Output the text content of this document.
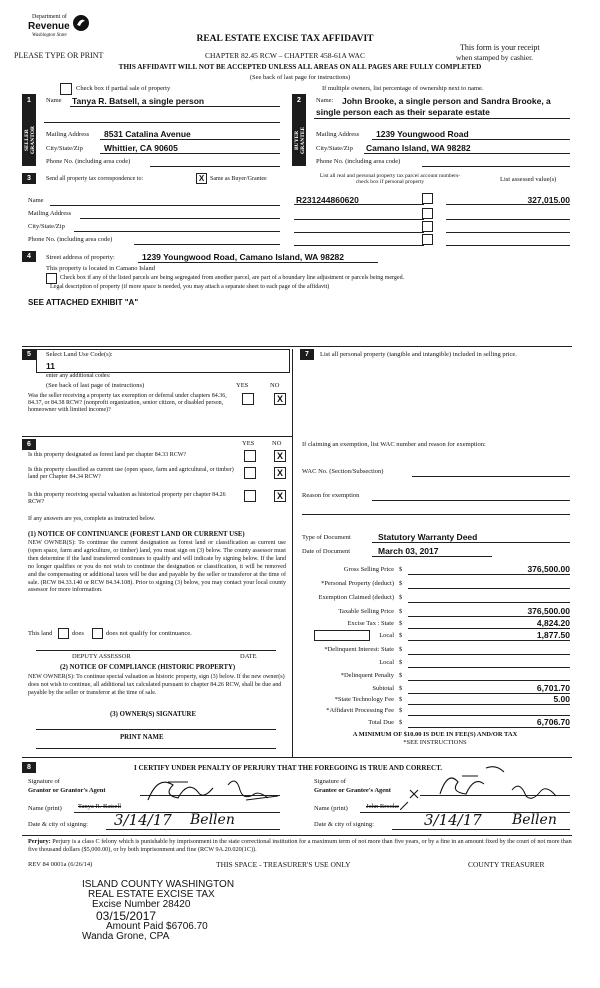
Department of
Revenue
Washington State
PLEASE TYPE OR PRINT
REAL ESTATE EXCISE TAX AFFIDAVIT
CHAPTER 82.45 RCW – CHAPTER 458-61A WAC
This form is your receipt
when stamped by cashier.
THIS AFFIDAVIT WILL NOT BE ACCEPTED UNLESS ALL AREAS ON ALL PAGES ARE FULLY COMPLETED
(See back of last page for instructions)
Check box if partial sale of property	If multiple owners, list percentage of ownership next to name.
1
SELLER GRANTOR
Name Tanya R. Batsell, a single person
Mailing Address 8531 Catalina Avenue
City/State/Zip Whittier, CA 90605
Phone No. (including area code)
2
BUYER GRANTEE
Name: John Brooke, a single person and Sandra Brooke, a
single person each as their separate estate
Mailing Address 1239 Youngwood Road
City/State/Zip Camano Island, WA 98282
Phone No. (including area code)
3	Send all property tax correspondence to:	X Same as Buyer/Grantee
Name
Mailing Address
City/State/Zip
Phone No. (including area code)
List all real and personal property tax parcel account numbers-check box if personal property	List assessed value(s)
R231244860620	327,015.00
4	Street address of property:	1239 Youngwood Road, Camano Island, WA 98282
This property is located in Camano Island
Check box if any of the listed parcels are being segregated from another parcel, are part of a boundary line adjustment or parcels being merged.
Legal description of property (if more space is needed, you may attach a separate sheet to each page of the affidavit)
SEE ATTACHED EXHIBIT "A"
5	Select Land Use Code(s):
11
enter any additional codes:
(See back of last page of instructions)	YES	NO
Was the seller receiving a property tax exemption or deferral under chapters 84.36, 84.37, or 84.38 RCW? (nonprofit organization, senior citizen, or disabled person, homeowner with limited income)?
X
6	YES	NO
Is this property designated as forest land per chapter 84.33 RCW?	X
Is this property classified as current use (open space, farm and agricultural, or timber) land per Chapter 84.34 RCW?	X
Is this property receiving special valuation as historical property per chapter 84.26 RCW?
X
If any answers are yes, complete as instructed below.
(1) NOTICE OF CONTINUANCE (FOREST LAND OR CURRENT USE)
NEW OWNER(S): To continue the current designation as forest land or classification as current use (open space, farm and agriculture, or timber) land, you must sign on (3) below. The county assessor must then determine if the land transferred continues to qualify and will indicate by signing below. If the land no longer qualifies or you do not wish to continue the designation or classification, it will be removed and the compensating or additional taxes will be due and payable by the seller or transferor at the time of sale. (RCW 84.33.140 or RCW 84.34.108). Prior to signing (3) below, you may contact your local county assessor for more information.
This land	does	does not qualify for continuance.
DEPUTY ASSESSOR	DATE
(2) NOTICE OF COMPLIANCE (HISTORIC PROPERTY)
NEW OWNER(S): To continue special valuation as historic property, sign (3) below. If the new owner(s) does not wish to continue, all additional tax calculated pursuant to chapter 84.26 RCW, shall be due and payable by the seller or transferor at the time of sale.
(3) OWNER(S) SIGNATURE
PRINT NAME
7	List all personal property (tangible and intangible) included in selling price.
If claiming an exemption, list WAC number and reason for exemption:
WAC No. (Section/Subsection)
Reason for exemption
Type of Document	Statutory Warranty Deed
Date of Document	March 03, 2017
Gross Selling Price $	376,500.00
*Personal Property (deduct) $
Exemption Claimed (deduct) $
Taxable Selling Price $	376,500.00
Excise Tax : State $	4,824.20
Local $	1,877.50
*Delinquent Interest: State $
Local $
*Delinquent Penalty $
Subtotal $	6,701.70
*State Technology Fee $	5.00
*Affidavit Processing Fee $
Total Due $	6,706.70
A MINIMUM OF $10.00 IS DUE IN FEE(S) AND/OR TAX
*SEE INSTRUCTIONS
8	I CERTIFY UNDER PENALTY OF PERJURY THAT THE FOREGOING IS TRUE AND CORRECT.
Signature of
Grantor or Grantor's Agent
Name (print) Tanya R. Batsell
Date & city of signing: 3/14/17 Bellen
Signature of
Grantee or Grantee's Agent
Name (print)	John Brooke
Date & city of signing:	3/14/17 Bellen
Perjury: Perjury is a class C felony which is punishable by imprisonment in the state correctional institution for a maximum term of not more than five years, or by a fine in an amount fixed by the court of not more than five thousand dollars ($5,000.00), or by both imprisonment and fine (RCW 9A.20.020(1C)).
REV 84 0001a (6/26/14)	THIS SPACE - TREASURER'S USE ONLY	COUNTY TREASURER
ISLAND COUNTY WASHINGTON
REAL ESTATE EXCISE TAX
Excise Number 28420
03/15/2017
Amount Paid $6706.70
Wanda Grone, CPA
